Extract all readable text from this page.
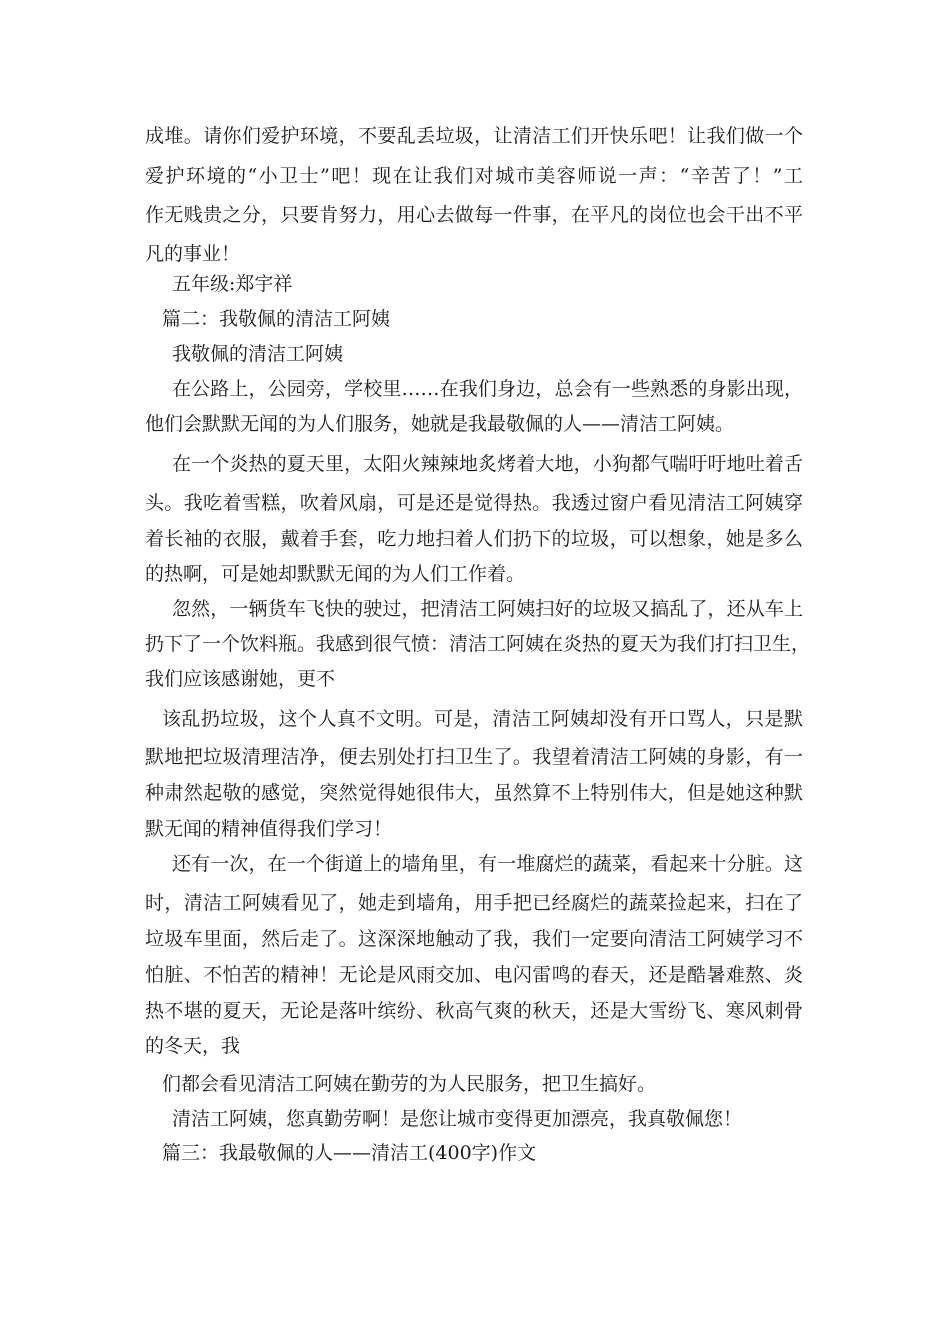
成堆。请你们爱护环境，不要乱丢垃圾，让清洁工们开快乐吧！让我们做一个
爱护环境的“小卫士”吧！现在让我们对城市美容师说一声：“辛苦了！”工
作无贱贵之分，只要肯努力，用心去做每一件事，在平凡的岗位也会干出不平
凡的事业！
五年级:郑宇祥
篇二：我敬佩的清洁工阿姨
我敬佩的清洁工阿姨
在公路上，公园旁，学校里……在我们身边，总会有一些熟悉的身影出现，
他们会默默无闻的为人们服务，她就是我最敬佩的人——清洁工阿姨。
在一个炎热的夏天里，太阳火辣辣地炙烤着大地，小狗都气喘吁吁地吐着舌
头。我吃着雪糕，吹着风扇，可是还是觉得热。我透过窗户看见清洁工阿姨穿
着长袖的衣服，戴着手套，吃力地扫着人们扔下的垃圾，可以想象，她是多么
的热啊，可是她却默默无闻的为人们工作着。
忽然，一辆货车飞快的驶过，把清洁工阿姨扫好的垃圾又搞乱了，还从车上
扔下了一个饮料瓶。我感到很气愤：清洁工阿姨在炎热的夏天为我们打扫卫生，
我们应该感谢她，更不
该乱扔垃圾，这个人真不文明。可是，清洁工阿姨却没有开口骂人，只是默
默地把垃圾清理洁净，便去别处打扫卫生了。我望着清洁工阿姨的身影，有一
种肃然起敬的感觉，突然觉得她很伟大，虽然算不上特别伟大，但是她这种默
默无闻的精神值得我们学习！
还有一次，在一个街道上的墙角里，有一堆腐烂的蔬菜，看起来十分脏。这
时，清洁工阿姨看见了，她走到墙角，用手把已经腐烂的蔬菜捡起来，扫在了
垃圾车里面，然后走了。这深深地触动了我，我们一定要向清洁工阿姨学习不
怕脏、不怕苦的精神！无论是风雨交加、电闪雷鸣的春天，还是酷暑难熬、炎
热不堪的夏天，无论是落叶缤纷、秋高气爽的秋天，还是大雪纷飞、寒风刺骨
的冬天，我
们都会看见清洁工阿姨在勤劳的为人民服务，把卫生搞好。
清洁工阿姨，您真勤劳啊！是您让城市变得更加漂亮，我真敬佩您！
篇三：我最敬佩的人——清洁工(400字)作文
